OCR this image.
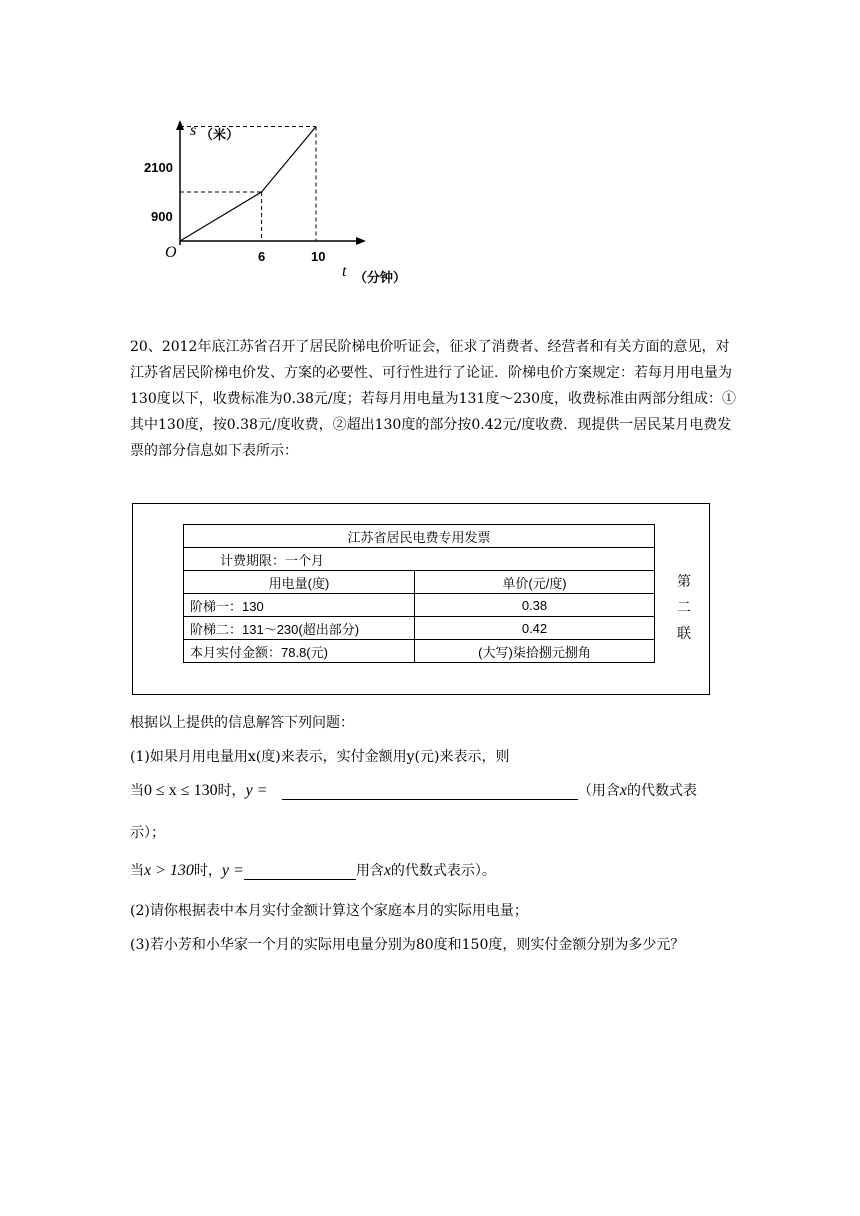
s （米）
2100
900
O	6	10
t （分钟）
20、2012年底江苏省召开了居民阶梯电价听证会，征求了消费者、经营者和有关方面的意见，对江苏省居民阶梯电价发、方案的必要性、可行性进行了论证．阶梯电价方案规定：若每月用电量为130度以下，收费标准为0.38元/度；若每月用电量为131度～230度，收费标准由两部分组成：①其中130度，按0.38元/度收费，②超出130度的部分按0.42元/度收费．现提供一居民某月电费发票的部分信息如下表所示：
江苏省居民电费专用发票	
计费期限：一个月	
用电量(度)	单价(元/度)
阶梯一：130	0.38
阶梯二：131～230(超出部分)	0.42
本月实付金额：78.8(元)	(大写)柒拾捌元捌角
第
二
联
根据以上提供的信息解答下列问题：
(1)如果月用电量用x(度)来表示，实付金额用y(元)来表示，则
当0 ≤ x ≤ 130时，y =	（用含x的代数式表
示）；
当x > 130时，y =	用含x的代数式表示）。
(2)请你根据表中本月实付金额计算这个家庭本月的实际用电量；
(3)若小芳和小华家一个月的实际用电量分别为80度和150度，则实付金额分别为多少元？
